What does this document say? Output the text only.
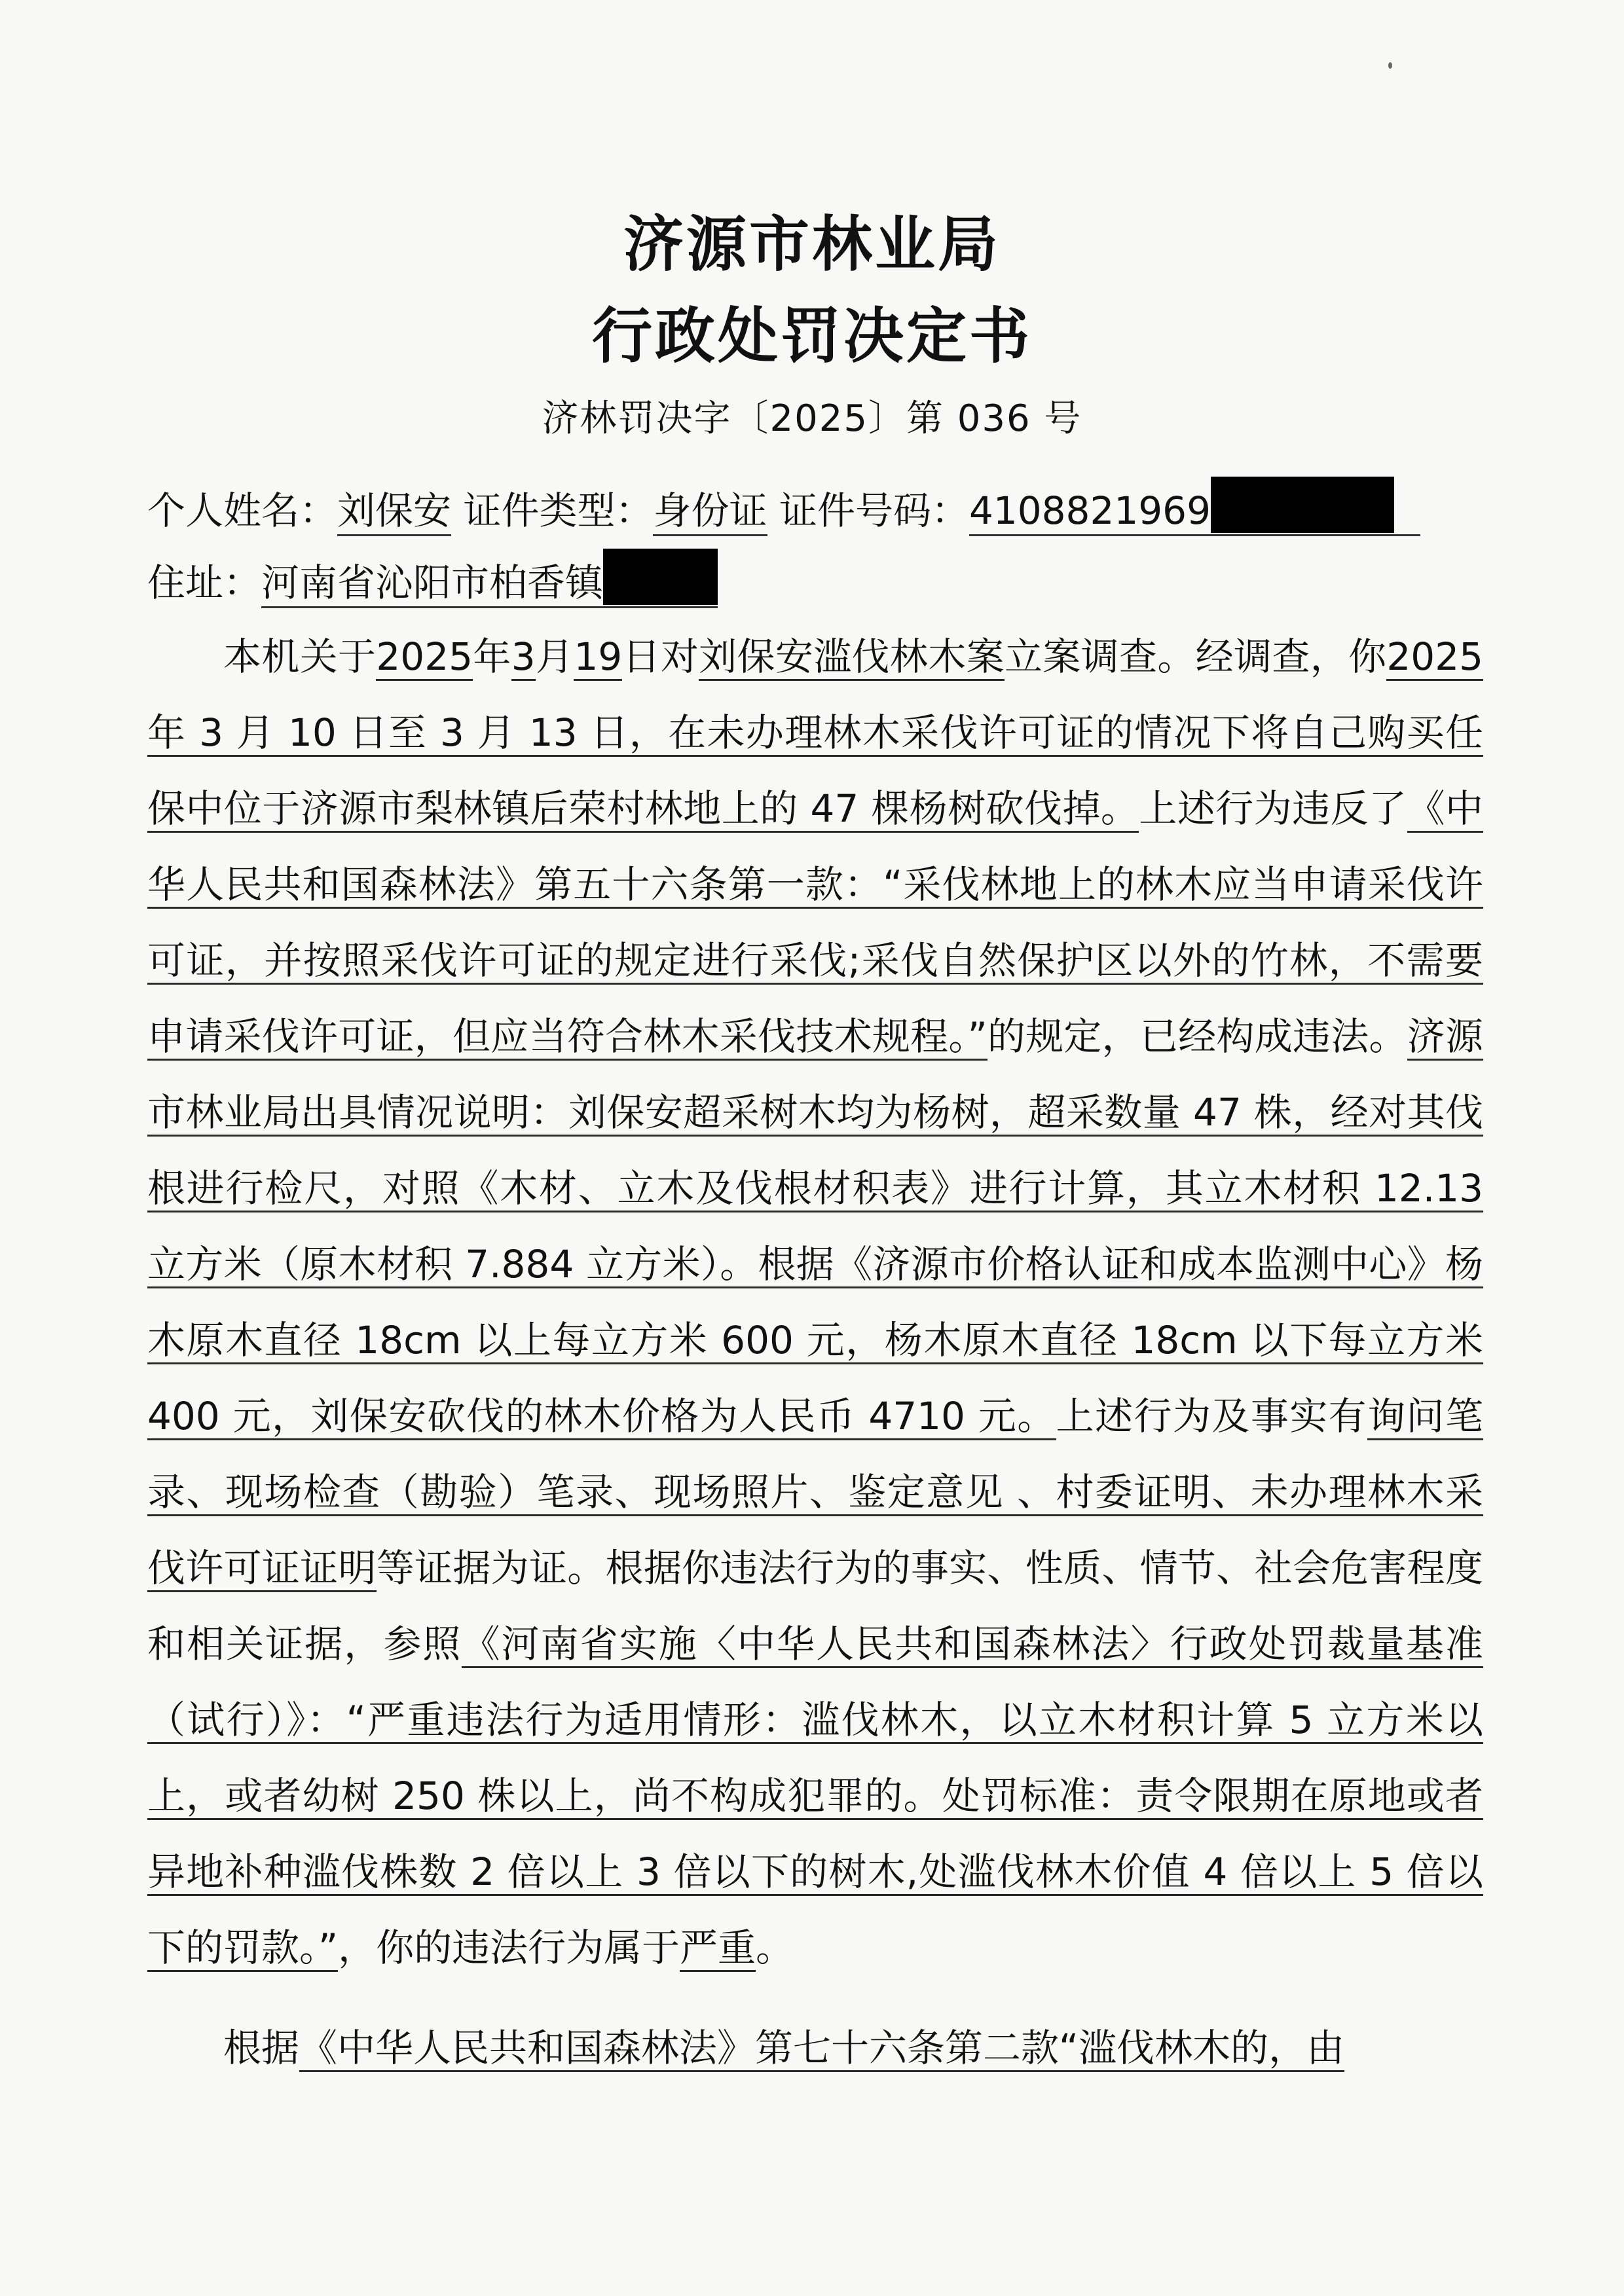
济源市林业局
行政处罚决定书
济林罚决字〔2025〕第 036 号
个人姓名：刘保安 证件类型：身份证 证件号码：4108821969
住址：河南省沁阳市柏香镇
本机关于2025年3月19日对刘保安滥伐林木案立案调查。经调查，你2025 年 3 月 10 日至 3 月 13 日，在未办理林木采伐许可证的情况下将自己购买任保中位于济源市梨林镇后荣村林地上的 47 棵杨树砍伐掉。上述行为违反了《中华人民共和国森林法》第五十六条第一款：“采伐林地上的林木应当申请采伐许可证，并按照采伐许可证的规定进行采伐;采伐自然保护区以外的竹林，不需要申请采伐许可证，但应当符合林木采伐技术规程。”的规定，已经构成违法。济源市林业局出具情况说明：刘保安超采树木均为杨树，超采数量 47 株，经对其伐根进行检尺，对照《木材、立木及伐根材积表》进行计算，其立木材积 12.13 立方米（原木材积 7.884 立方米）。根据《济源市价格认证和成本监测中心》杨木原木直径 18cm 以上每立方米 600 元，杨木原木直径 18cm 以下每立方米 400 元，刘保安砍伐的林木价格为人民币 4710 元。上述行为及事实有询问笔录、现场检查（勘验）笔录、现场照片、鉴定意见 、村委证明、未办理林木采伐许可证证明等证据为证。根据你违法行为的事实、性质、情节、社会危害程度和相关证据，参照《河南省实施〈中华人民共和国森林法〉行政处罚裁量基准（试行）》：“严重违法行为适用情形：滥伐林木，以立木材积计算 5 立方米以上，或者幼树 250 株以上，尚不构成犯罪的。处罚标准：责令限期在原地或者异地补种滥伐株数 2 倍以上 3 倍以下的树木,处滥伐林木价值 4 倍以上 5 倍以下的罚款。”，你的违法行为属于严重。
根据《中华人民共和国森林法》第七十六条第二款“滥伐林木的，由
